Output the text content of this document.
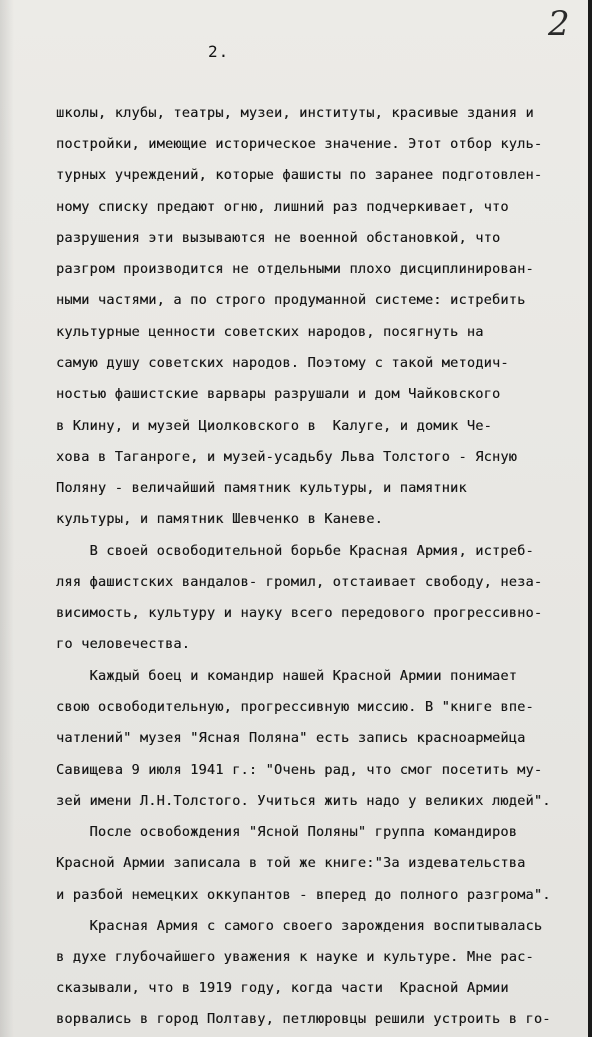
2
2.
школы, клубы, театры, музеи, институты, красивые здания и
постройки, имеющие историческое значение. Этот отбор куль-
турных учреждений, которые фашисты по заранее подготовлен-
ному списку предают огню, лишний раз подчеркивает, что
разрушения эти вызываются не военной обстановкой, что
разгром производится не отдельными плохо дисциплинирован-
ными частями, а по строго продуманной системе: истребить
культурные ценности советских народов, посягнуть на
самую душу советских народов. Поэтому с такой методич-
ностью фашистские варвары разрушали и дом Чайковского
в Клину, и музей Циолковского в  Калуге, и домик Че-
хова в Таганроге, и музей-усадьбу Льва Толстого - Ясную
Поляну - величайший памятник культуры, и памятник
культуры, и памятник Шевченко в Каневе.
В своей освободительной борьбе Красная Армия, истреб-
ляя фашистских вандалов- громил, отстаивает свободу, неза-
висимость, культуру и науку всего передового прогрессивно-
го человечества.
Каждый боец и командир нашей Красной Армии понимает
свою освободительную, прогрессивную миссию. В "книге впе-
чатлений" музея "Ясная Поляна" есть запись красноармейца
Савищева 9 июля 1941 г.: "Очень рад, что смог посетить му-
зей имени Л.Н.Толстого. Учиться жить надо у великих людей".
После освобождения "Ясной Поляны" группа командиров
Красной Армии записала в той же книге:"За издевательства
и разбой немецких оккупантов - вперед до полного разгрома".
Красная Армия с самого своего зарождения воспитывалась
в духе глубочайшего уважения к науке и культуре. Мне рас-
сказывали, что в 1919 году, когда части  Красной Армии
ворвались в город Полтаву, петлюровцы решили устроить в го-
